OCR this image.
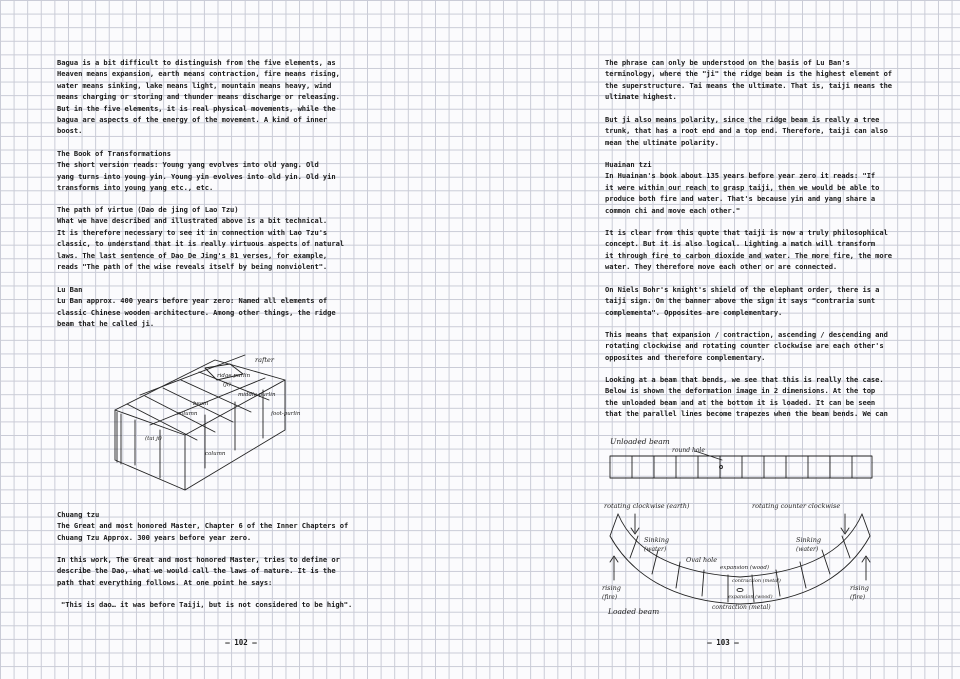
Bagua is a bit difficult to distinguish from the five elements, as
Heaven means expansion, earth means contraction, fire means rising,
water means sinking, lake means light, mountain means heavy, wind
means charging or storing and thunder means discharge or releasing.
But in the five elements, it is real physical movements, while the
bagua are aspects of the energy of the movement. A kind of inner
boost.

The Book of Transformations
The short version reads: Young yang evolves into old yang. Old
yang turns into young yin. Young yin evolves into old yin. Old yin
transforms into young yang etc., etc.

The path of virtue (Dao de jing of Lao Tzu)
What we have described and illustrated above is a bit technical.
It is therefore necessary to see it in connection with Lao Tzu's
classic, to understand that it is really virtuous aspects of natural
laws. The last sentence of Dao De Jing's 81 verses, for example,
reads "The path of the wise reveals itself by being nonviolent".

Lu Ban
Lu Ban approx. 400 years before year zero: Named all elements of
classic Chinese wooden architecture. Among other things, the ridge
beam that he called ji.

rafter
ridge purlin
(ji)
middle purlin
beam
column	foot-purlin
(tai ji)
column

Chuang tzu
The Great and most honored Master, Chapter 6 of the Inner Chapters of
Chuang Tzu Approx. 300 years before year zero.

In this work, The Great and most honored Master, tries to define or
describe the Dao, what we would call the laws of nature. It is the
path that everything follows. At one point he says:

"This is dao… it was before Taiji, but is not considered to be high".

– 102 –

The phrase can only be understood on the basis of Lu Ban's
terminology, where the "ji" the ridge beam is the highest element of
the superstructure. Tai means the ultimate. That is, taiji means the
ultimate highest.

But ji also means polarity, since the ridge beam is really a tree
trunk, that has a root end and a top end. Therefore, taiji can also
mean the ultimate polarity.

Huainan tzi
In Huainan's book about 135 years before year zero it reads: "If
it were within our reach to grasp taiji, then we would be able to
produce both fire and water. That's because yin and yang share a
common chi and move each other."

It is clear from this quote that taiji is now a truly philosophical
concept. But it is also logical. Lighting a match will transform
it through fire to carbon dioxide and water. The more fire, the more
water. They therefore move each other or are connected.

On Niels Bohr's knight's shield of the elephant order, there is a
taiji sign. On the banner above the sign it says "contraria sunt
complementa". Opposites are complementary.

This means that expansion / contraction, ascending / descending and
rotating clockwise and rotating counter clockwise are each other's
opposites and therefore complementary.

Looking at a beam that bends, we see that this is really the case.
Below is shown the deformation image in 2 dimensions. At the top
the unloaded beam and at the bottom it is loaded. It can be seen
that the parallel lines become trapezes when the beam bends. We can

Unloaded beam
round hole
rotating clockwise (earth)	rotating counter clockwise
Sinking
(water)
Sinking
(water)
Oval hole
expansion (wood)
contraction (metal)
expansion (wood)
contraction (metal)
rising
(fire)
rising
(fire)
Loaded beam
– 103 –
